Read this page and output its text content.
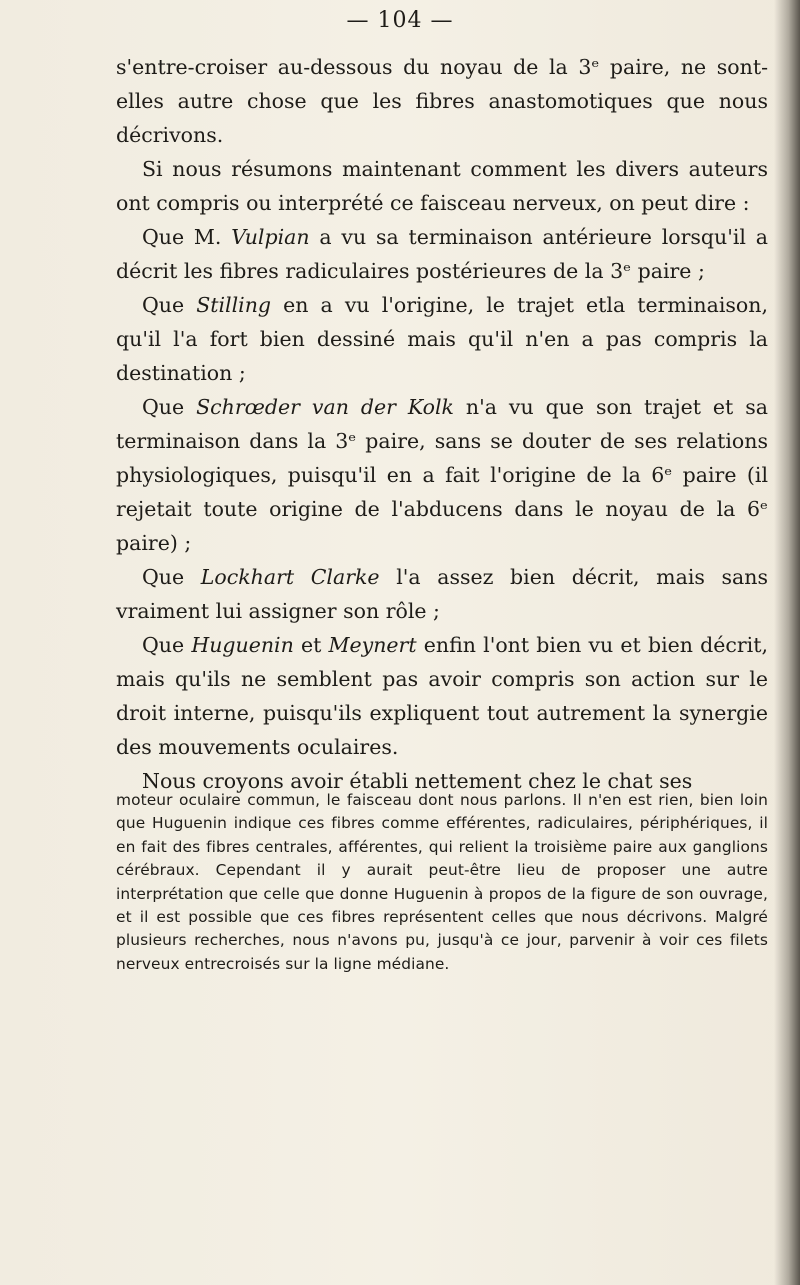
— 104 —

s'entre-croiser au-dessous du noyau de la 3ᵉ paire, ne sont-elles autre chose que les fibres anastomotiques que nous décrivons.

Si nous résumons maintenant comment les divers auteurs ont compris ou interprété ce faisceau nerveux, on peut dire :

Que M. Vulpian a vu sa terminaison antérieure lorsqu'il a décrit les fibres radiculaires postérieures de la 3ᵉ paire ;

Que Stilling en a vu l'origine, le trajet etla terminaison, qu'il l'a fort bien dessiné mais qu'il n'en a pas compris la destination ;

Que Schrœder van der Kolk n'a vu que son trajet et sa terminaison dans la 3ᵉ paire, sans se douter de ses relations physiologiques, puisqu'il en a fait l'origine de la 6ᵉ paire (il rejetait toute origine de l'abducens dans le noyau de la 6ᵉ paire) ;

Que Lockhart Clarke l'a assez bien décrit, mais sans vraiment lui assigner son rôle ;

Que Huguenin et Meynert enfin l'ont bien vu et bien décrit, mais qu'ils ne semblent pas avoir compris son action sur le droit interne, puisqu'ils expliquent tout autrement la synergie des mouvements oculaires.

Nous croyons avoir établi nettement chez le chat ses

moteur oculaire commun, le faisceau dont nous parlons. Il n'en est rien, bien loin que Huguenin indique ces fibres comme efférentes, radiculaires, périphériques, il en fait des fibres centrales, afférentes, qui relient la troisième paire aux ganglions cérébraux. Cependant il y aurait peut-être lieu de proposer une autre interprétation que celle que donne Huguenin à propos de la figure de son ouvrage, et il est possible que ces fibres représentent celles que nous décrivons. Malgré plusieurs recherches, nous n'avons pu, jusqu'à ce jour, parvenir à voir ces filets nerveux entrecroisés sur la ligne médiane.
